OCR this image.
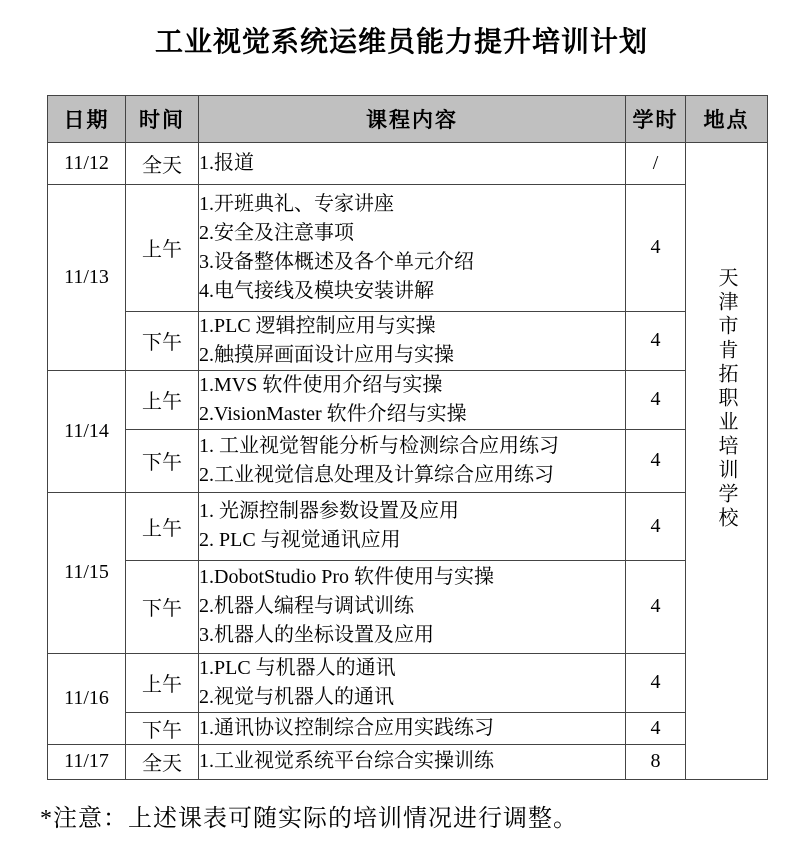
工业视觉系统运维员能力提升培训计划
日期	时间	课程内容	学时	地点
11/12	全天	1.报道	/	天津市肯拓职业培训学校

11/13	上午	1.开班典礼、专家讲座
2.安全及注意事项
3.设备整体概述及各个单元介绍
4.电气接线及模块安装讲解	4	
	下午	1.PLC 逻辑控制应用与实操
2.触摸屏画面设计应用与实操	4	
11/14	上午	1.MVS 软件使用介绍与实操
2.VisionMaster 软件介绍与实操	4	
	下午	1. 工业视觉智能分析与检测综合应用练习
2.工业视觉信息处理及计算综合应用练习	4	
11/15	上午	1. 光源控制器参数设置及应用
2. PLC 与视觉通讯应用	4	
	下午	1.DobotStudio Pro 软件使用与实操
2.机器人编程与调试训练
3.机器人的坐标设置及应用	4	
11/16	上午	1.PLC 与机器人的通讯
2.视觉与机器人的通讯	4	
	下午	1.通讯协议控制综合应用实践练习	4	
11/17	全天	1.工业视觉系统平台综合实操训练	8	
*注意：上述课表可随实际的培训情况进行调整。
